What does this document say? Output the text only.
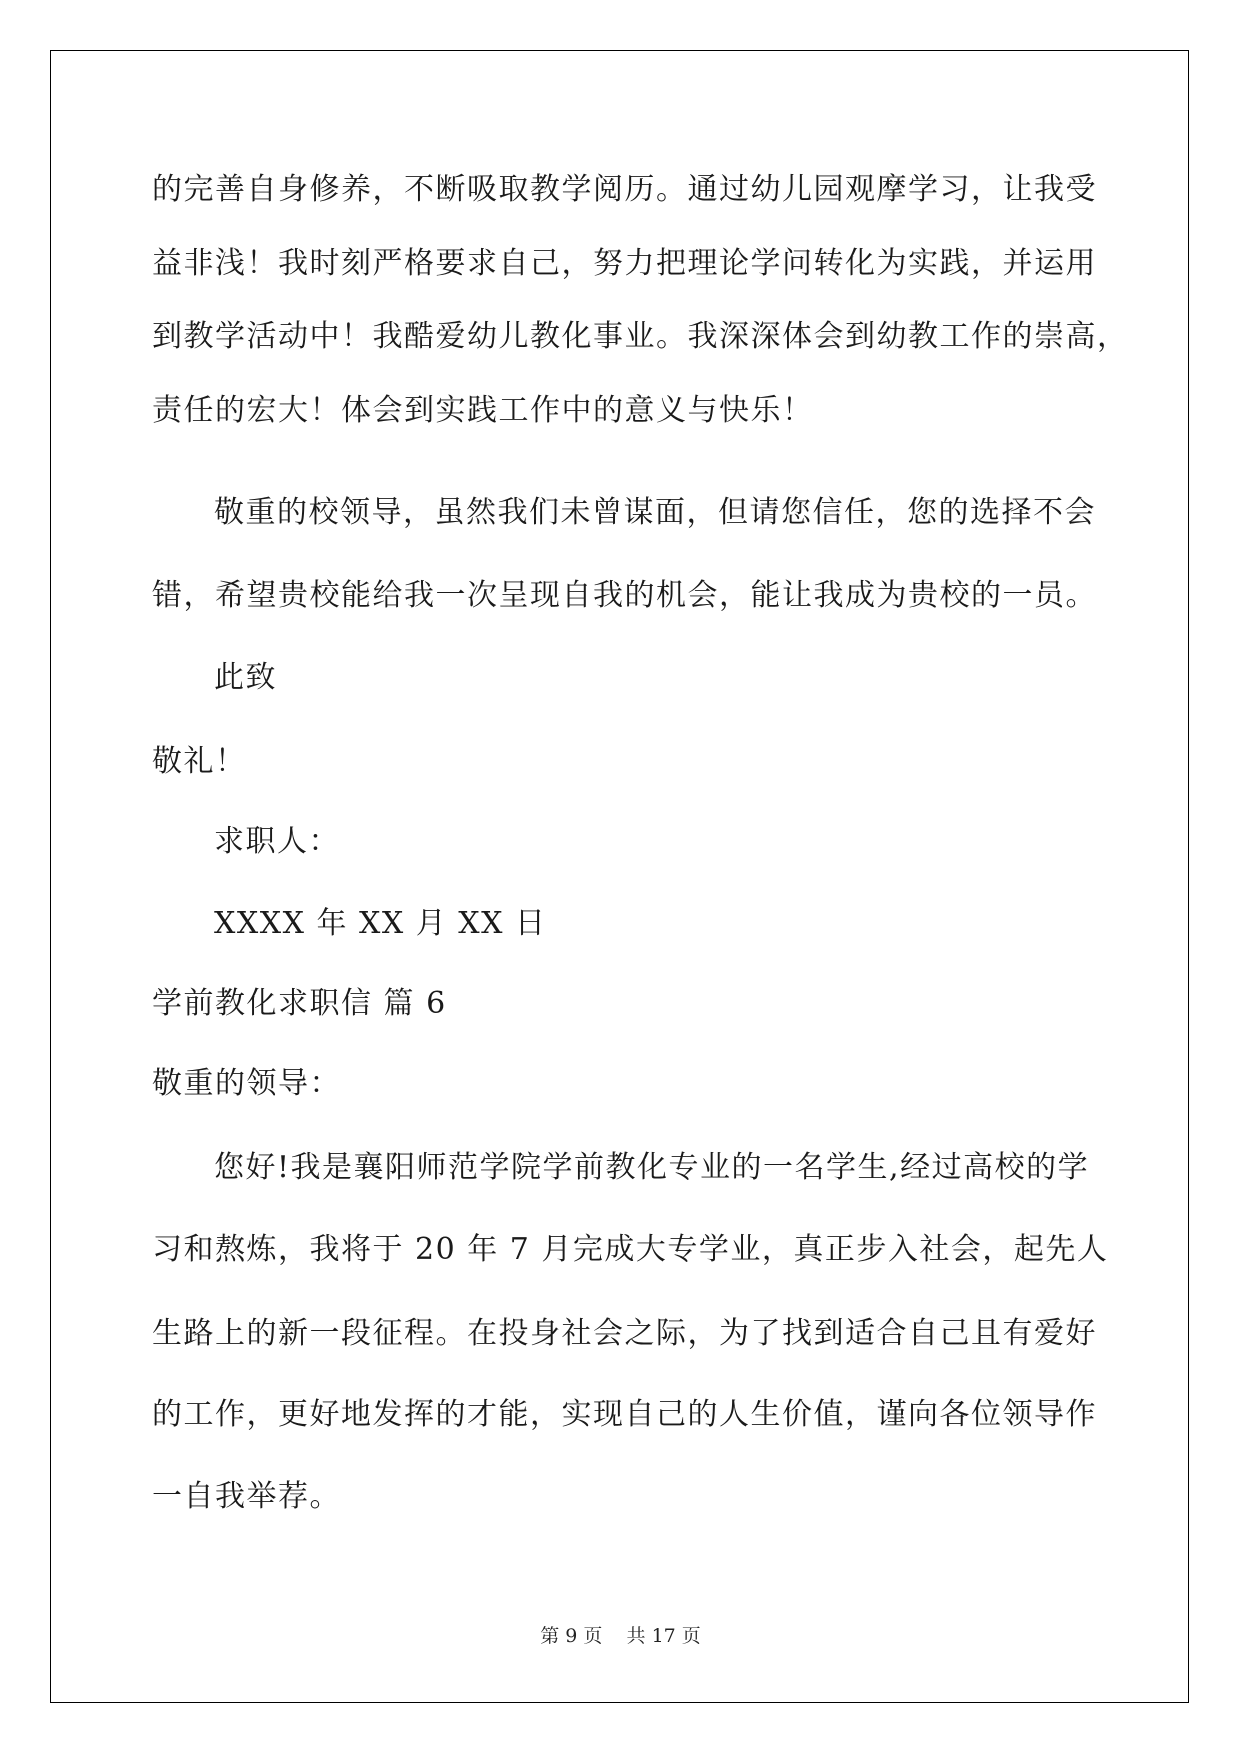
的完善自身修养，不断吸取教学阅历。通过幼儿园观摩学习，让我受
益非浅！我时刻严格要求自己，努力把理论学问转化为实践，并运用
到教学活动中！我酷爱幼儿教化事业。我深深体会到幼教工作的崇高，
责任的宏大！体会到实践工作中的意义与快乐！
敬重的校领导，虽然我们未曾谋面，但请您信任，您的选择不会
错，希望贵校能给我一次呈现自我的机会，能让我成为贵校的一员。
此致
敬礼！
求职人：
XXXX 年 XX 月 XX 日
学前教化求职信 篇 6
敬重的领导：
您好!我是襄阳师范学院学前教化专业的一名学生,经过高校的学
习和熬炼，我将于 20 年 7 月完成大专学业，真正步入社会，起先人
生路上的新一段征程。在投身社会之际，为了找到适合自己且有爱好
的工作，更好地发挥的才能，实现自己的人生价值，谨向各位领导作
一自我举荐。
第 9 页    共 17 页
